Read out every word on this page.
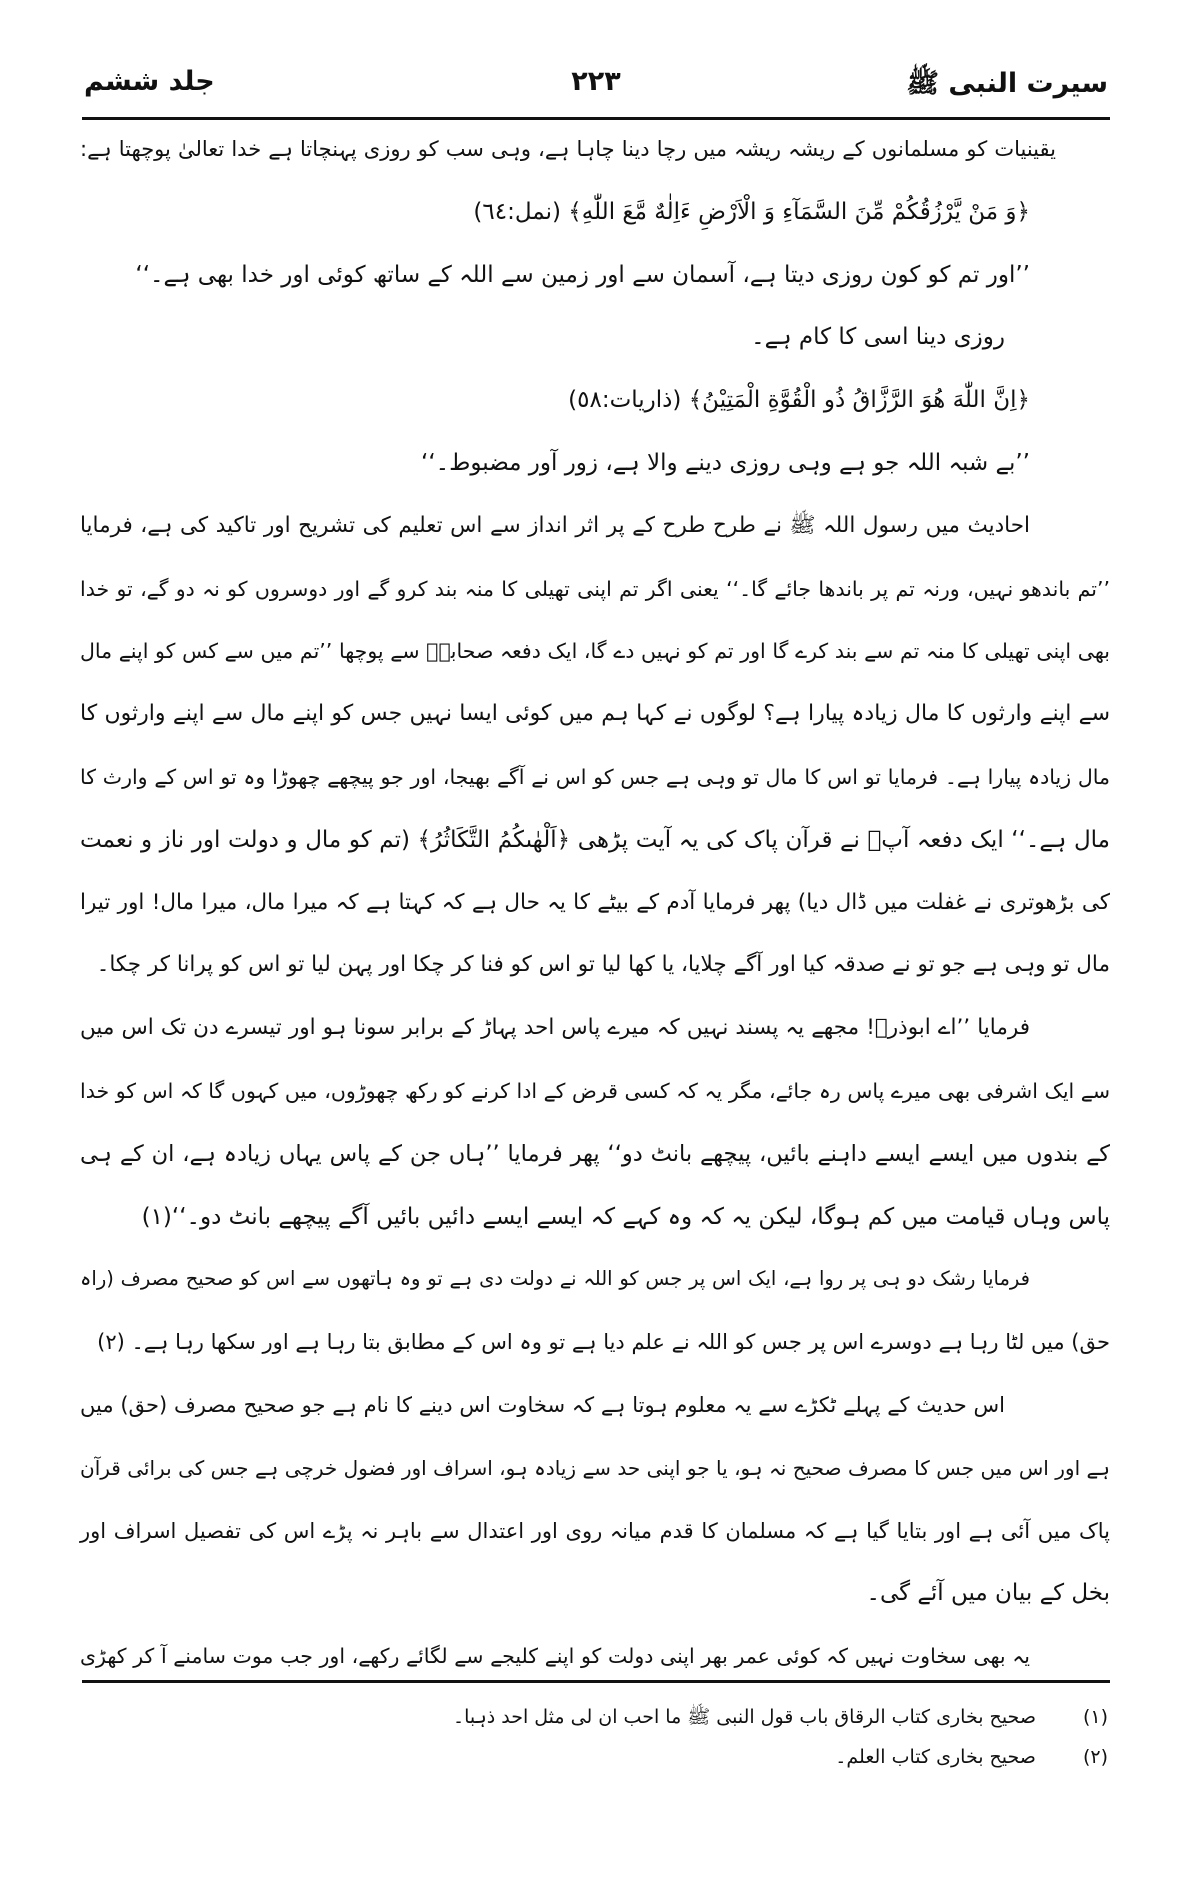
سیرت النبی ﷺ
۲۲۳
جلد ششم
یقینیات کو مسلمانوں کے ریشہ ریشہ میں رچا دینا چاہا ہے، وہی سب کو روزی پہنچاتا ہے خدا تعالیٰ پوچھتا ہے:
﴿وَ مَنْ یَّرْزُقُكُمْ مِّنَ السَّمَآءِ وَ الْاَرْضِ ءَاِلٰهٌ مَّعَ اللّٰهِ﴾ (نمل:٦٤)
’’اور تم کو کون روزی دیتا ہے، آسمان سے اور زمین سے اللہ کے ساتھ کوئی اور خدا بھی ہے۔‘‘
روزی دینا اسی کا کام ہے۔
﴿اِنَّ اللّٰهَ هُوَ الرَّزَّاقُ ذُو الْقُوَّةِ الْمَتِیْنُ﴾ (ذاریات:٥٨)
’’بے شبہ اللہ جو ہے وہی روزی دینے والا ہے، زور آور مضبوط۔‘‘
احادیث میں رسول اللہ ﷺ نے طرح طرح کے پر اثر انداز سے اس تعلیم کی تشریح اور تاکید کی ہے، فرمایا
’’تم باندھو نہیں، ورنہ تم پر باندھا جائے گا۔‘‘ یعنی اگر تم اپنی تھیلی کا منہ بند کرو گے اور دوسروں کو نہ دو گے، تو خدا
بھی اپنی تھیلی کا منہ تم سے بند کرے گا اور تم کو نہیں دے گا، ایک دفعہ صحابہؓ سے پوچھا ’’تم میں سے کس کو اپنے مال
سے اپنے وارثوں کا مال زیادہ پیارا ہے؟ لوگوں نے کہا ہم میں کوئی ایسا نہیں جس کو اپنے مال سے اپنے وارثوں کا
مال زیادہ پیارا ہے۔ فرمایا تو اس کا مال تو وہی ہے جس کو اس نے آگے بھیجا، اور جو پیچھے چھوڑا وہ تو اس کے وارث کا
مال ہے۔‘‘ ایک دفعہ آپؐ نے قرآن پاک کی یہ آیت پڑھی ﴿اَلْهٰىكُمُ التَّكَاثُرُ﴾ (تم کو مال و دولت اور ناز و نعمت
کی بڑھوتری نے غفلت میں ڈال دیا) پھر فرمایا آدم کے بیٹے کا یہ حال ہے کہ کہتا ہے کہ میرا مال، میرا مال! اور تیرا
مال تو وہی ہے جو تو نے صدقہ کیا اور آگے چلایا، یا کھا لیا تو اس کو فنا کر چکا اور پہن لیا تو اس کو پرانا کر چکا۔
فرمایا ’’اے ابوذرؓ! مجھے یہ پسند نہیں کہ میرے پاس احد پہاڑ کے برابر سونا ہو اور تیسرے دن تک اس میں
سے ایک اشرفی بھی میرے پاس رہ جائے، مگر یہ کہ کسی قرض کے ادا کرنے کو رکھ چھوڑوں، میں کہوں گا کہ اس کو خدا
کے بندوں میں ایسے ایسے داہنے بائیں، پیچھے بانٹ دو‘‘ پھر فرمایا ’’ہاں جن کے پاس یہاں زیادہ ہے، ان کے ہی
پاس وہاں قیامت میں کم ہوگا، لیکن یہ کہ وہ کہے کہ ایسے ایسے دائیں بائیں آگے پیچھے بانٹ دو۔‘‘(١)
فرمایا رشک دو ہی پر روا ہے، ایک اس پر جس کو اللہ نے دولت دی ہے تو وہ ہاتھوں سے اس کو صحیح مصرف (راہ
حق) میں لٹا رہا ہے دوسرے اس پر جس کو اللہ نے علم دیا ہے تو وہ اس کے مطابق بتا رہا ہے اور سکھا رہا ہے۔ (٢)
اس حدیث کے پہلے ٹکڑے سے یہ معلوم ہوتا ہے کہ سخاوت اس دینے کا نام ہے جو صحیح مصرف (حق) میں
ہے اور اس میں جس کا مصرف صحیح نہ ہو، یا جو اپنی حد سے زیادہ ہو، اسراف اور فضول خرچی ہے جس کی برائی قرآن
پاک میں آئی ہے اور بتایا گیا ہے کہ مسلمان کا قدم میانہ روی اور اعتدال سے باہر نہ پڑے اس کی تفصیل اسراف اور
بخل کے بیان میں آئے گی۔
یہ بھی سخاوت نہیں کہ کوئی عمر بھر اپنی دولت کو اپنے کلیجے سے لگائے رکھے، اور جب موت سامنے آ کر کھڑی
(١) صحیح بخاری کتاب الرقاق باب قول النبی ﷺ ما احب ان لی مثل احد ذہبا۔
(٢) صحیح بخاری کتاب العلم۔
